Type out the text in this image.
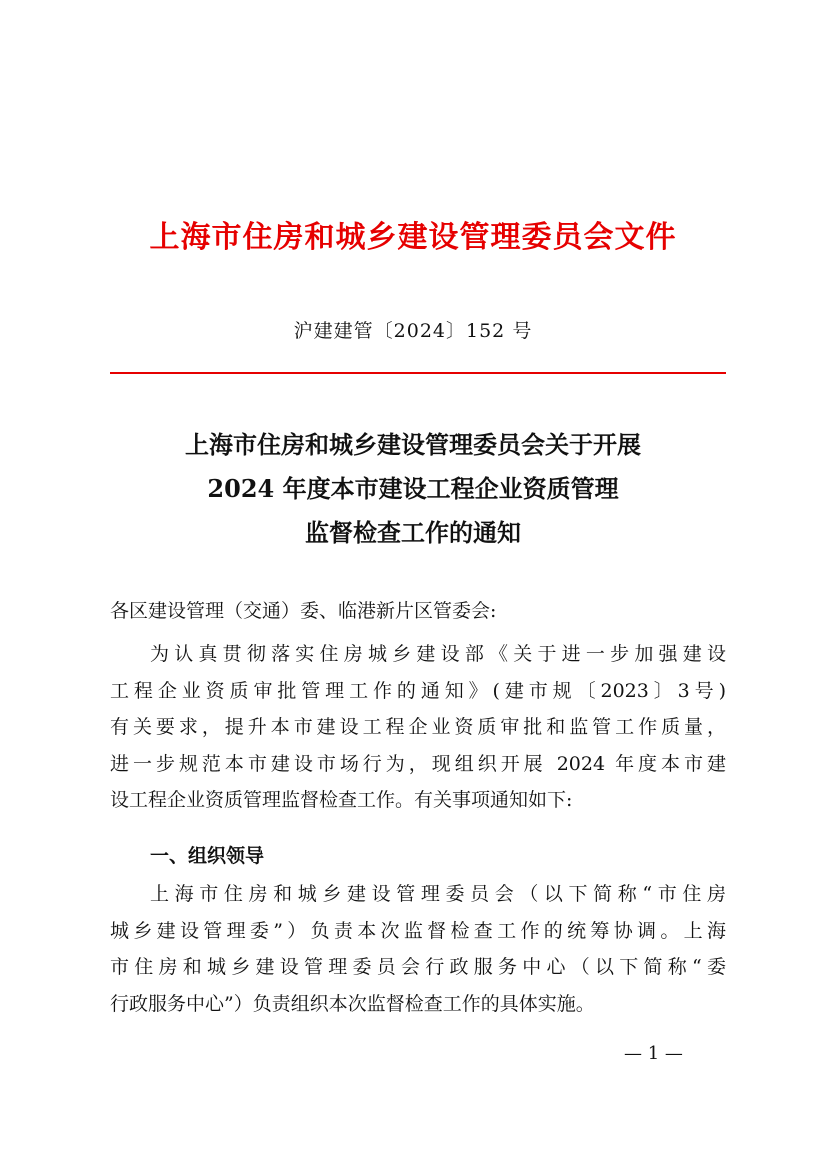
上海市住房和城乡建设管理委员会文件
沪建建管〔2024〕152 号
上海市住房和城乡建设管理委员会关于开展
2024 年度本市建设工程企业资质管理
监督检查工作的通知
各区建设管理（交通）委、临港新片区管委会:
为认真贯彻落实住房城乡建设部《关于进一步加强建设
工程企业资质审批管理工作的通知》(建市规〔2023〕3号)
有关要求，提升本市建设工程企业资质审批和监管工作质量，
进一步规范本市建设市场行为，现组织开展 2024 年度本市建
设工程企业资质管理监督检查工作。有关事项通知如下:
一、组织领导
上海市住房和城乡建设管理委员会（以下简称“市住房
城乡建设管理委”）负责本次监督检查工作的统筹协调。上海
市住房和城乡建设管理委员会行政服务中心（以下简称“委
行政服务中心”）负责组织本次监督检查工作的具体实施。
— 1 —
